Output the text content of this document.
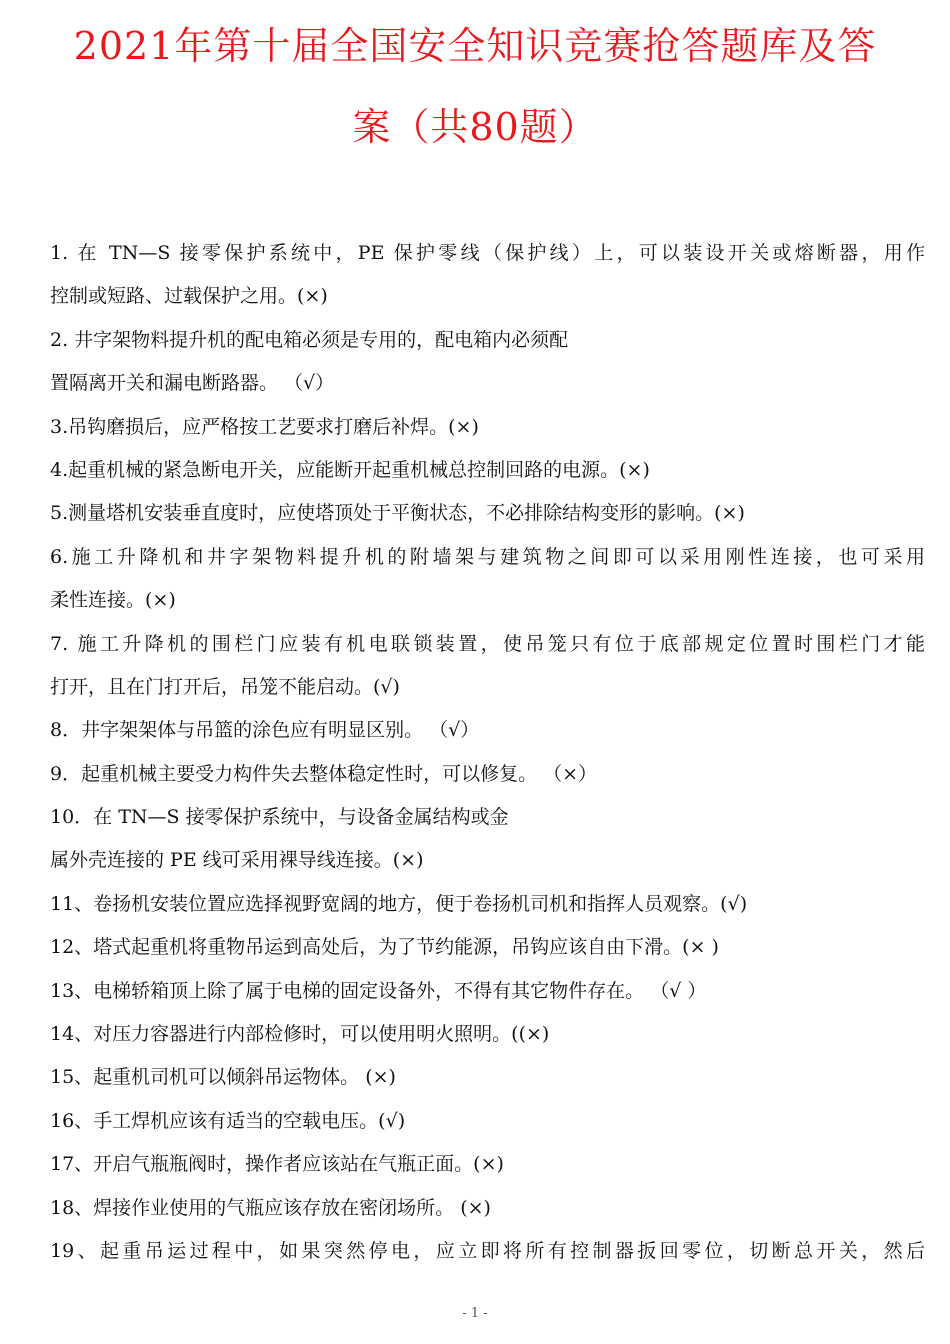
2021年第十届全国安全知识竞赛抢答题库及答
案（共80题）
1. 在 TN—S 接零保护系统中，PE 保护零线（保护线）上，可以装设开关或熔断器，用作
控制或短路、过载保护之用。(×)
2. 井字架物料提升机的配电箱必须是专用的，配电箱内必须配
置隔离开关和漏电断路器。 （√）
3.吊钩磨损后，应严格按工艺要求打磨后补焊。(×)
4.起重机械的紧急断电开关，应能断开起重机械总控制回路的电源。(×)
5.测量塔机安装垂直度时，应使塔顶处于平衡状态，不必排除结构变形的影响。(×)
6.施工升降机和井字架物料提升机的附墙架与建筑物之间即可以采用刚性连接，也可采用
柔性连接。(×)
7. 施工升降机的围栏门应装有机电联锁装置，使吊笼只有位于底部规定位置时围栏门才能
打开，且在门打开后，吊笼不能启动。(√)
8．井字架架体与吊篮的涂色应有明显区别。 （√）
9．起重机械主要受力构件失去整体稳定性时，可以修复。 （×）
10．在 TN—S 接零保护系统中，与设备金属结构或金
属外壳连接的 PE 线可采用裸导线连接。(×)
11、卷扬机安装位置应选择视野宽阔的地方，便于卷扬机司机和指挥人员观察。(√)
12、塔式起重机将重物吊运到高处后，为了节约能源，吊钩应该自由下滑。(× )
13、电梯轿箱顶上除了属于电梯的固定设备外，不得有其它物件存在。 （√ ）
14、对压力容器进行内部检修时，可以使用明火照明。((×)
15、起重机司机可以倾斜吊运物体。 (×)
16、手工焊机应该有适当的空载电压。(√)
17、开启气瓶瓶阀时，操作者应该站在气瓶正面。(×)
18、焊接作业使用的气瓶应该存放在密闭场所。 (×)
19、起重吊运过程中，如果突然停电，应立即将所有控制器扳回零位，切断总开关，然后
- 1 -
